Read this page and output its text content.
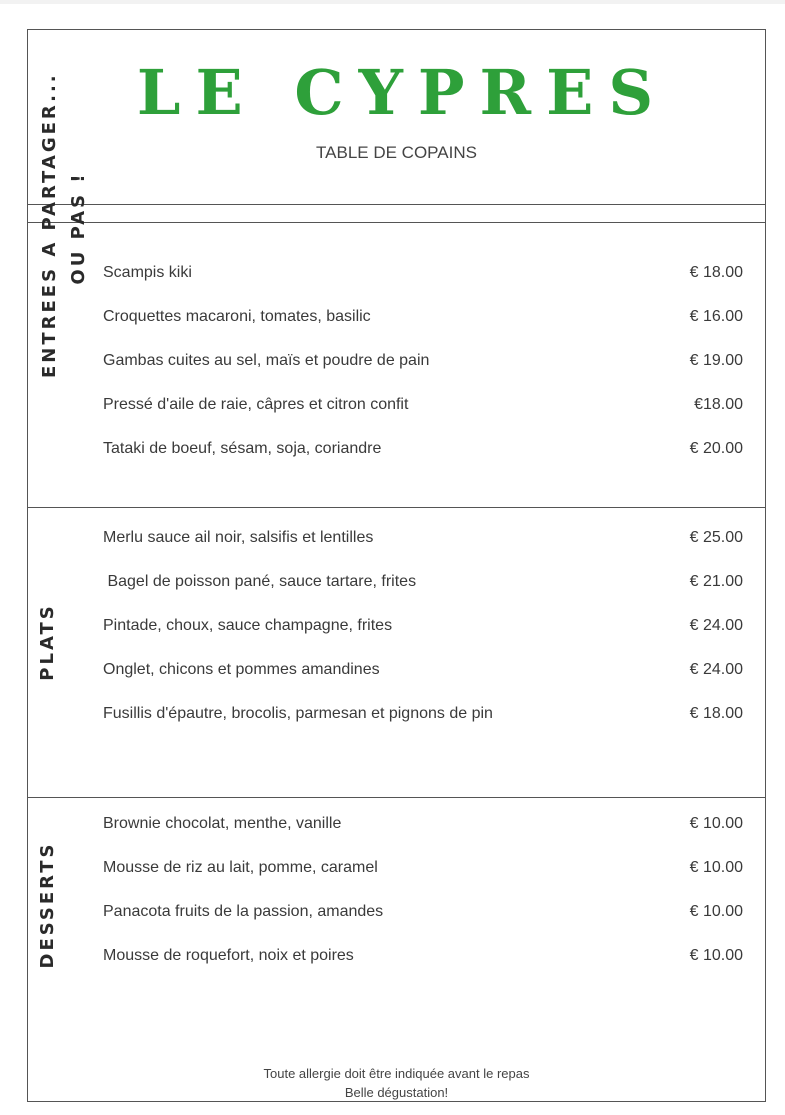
LE CYPRES
TABLE DE COPAINS
ENTREES A PARTAGER... OU PAS ! Scampis kiki	€ 18.00
Croquettes macaroni, tomates, basilic	€ 16.00
Gambas cuites au sel, maïs et poudre de pain	€ 19.00
Pressé d'aile de raie, câpres et citron confit	€18.00
Tataki de boeuf, sésam, soja, coriandre	€ 20.00
PLATS
Merlu sauce ail noir, salsifis et lentilles	€ 25.00
Bagel de poisson pané, sauce tartare, frites	€ 21.00
Pintade, choux, sauce champagne, frites	€ 24.00
Onglet, chicons et pommes amandines	€ 24.00
Fusillis d'épautre, brocolis, parmesan et pignons de pin	€ 18.00
DESSERTS
Brownie chocolat, menthe, vanille	€ 10.00
Mousse de riz au lait, pomme, caramel	€ 10.00
Panacota fruits de la passion, amandes	€ 10.00
Mousse de roquefort, noix et poires	€ 10.00
Toute allergie doit être indiquée avant le repas
Belle dégustation!
